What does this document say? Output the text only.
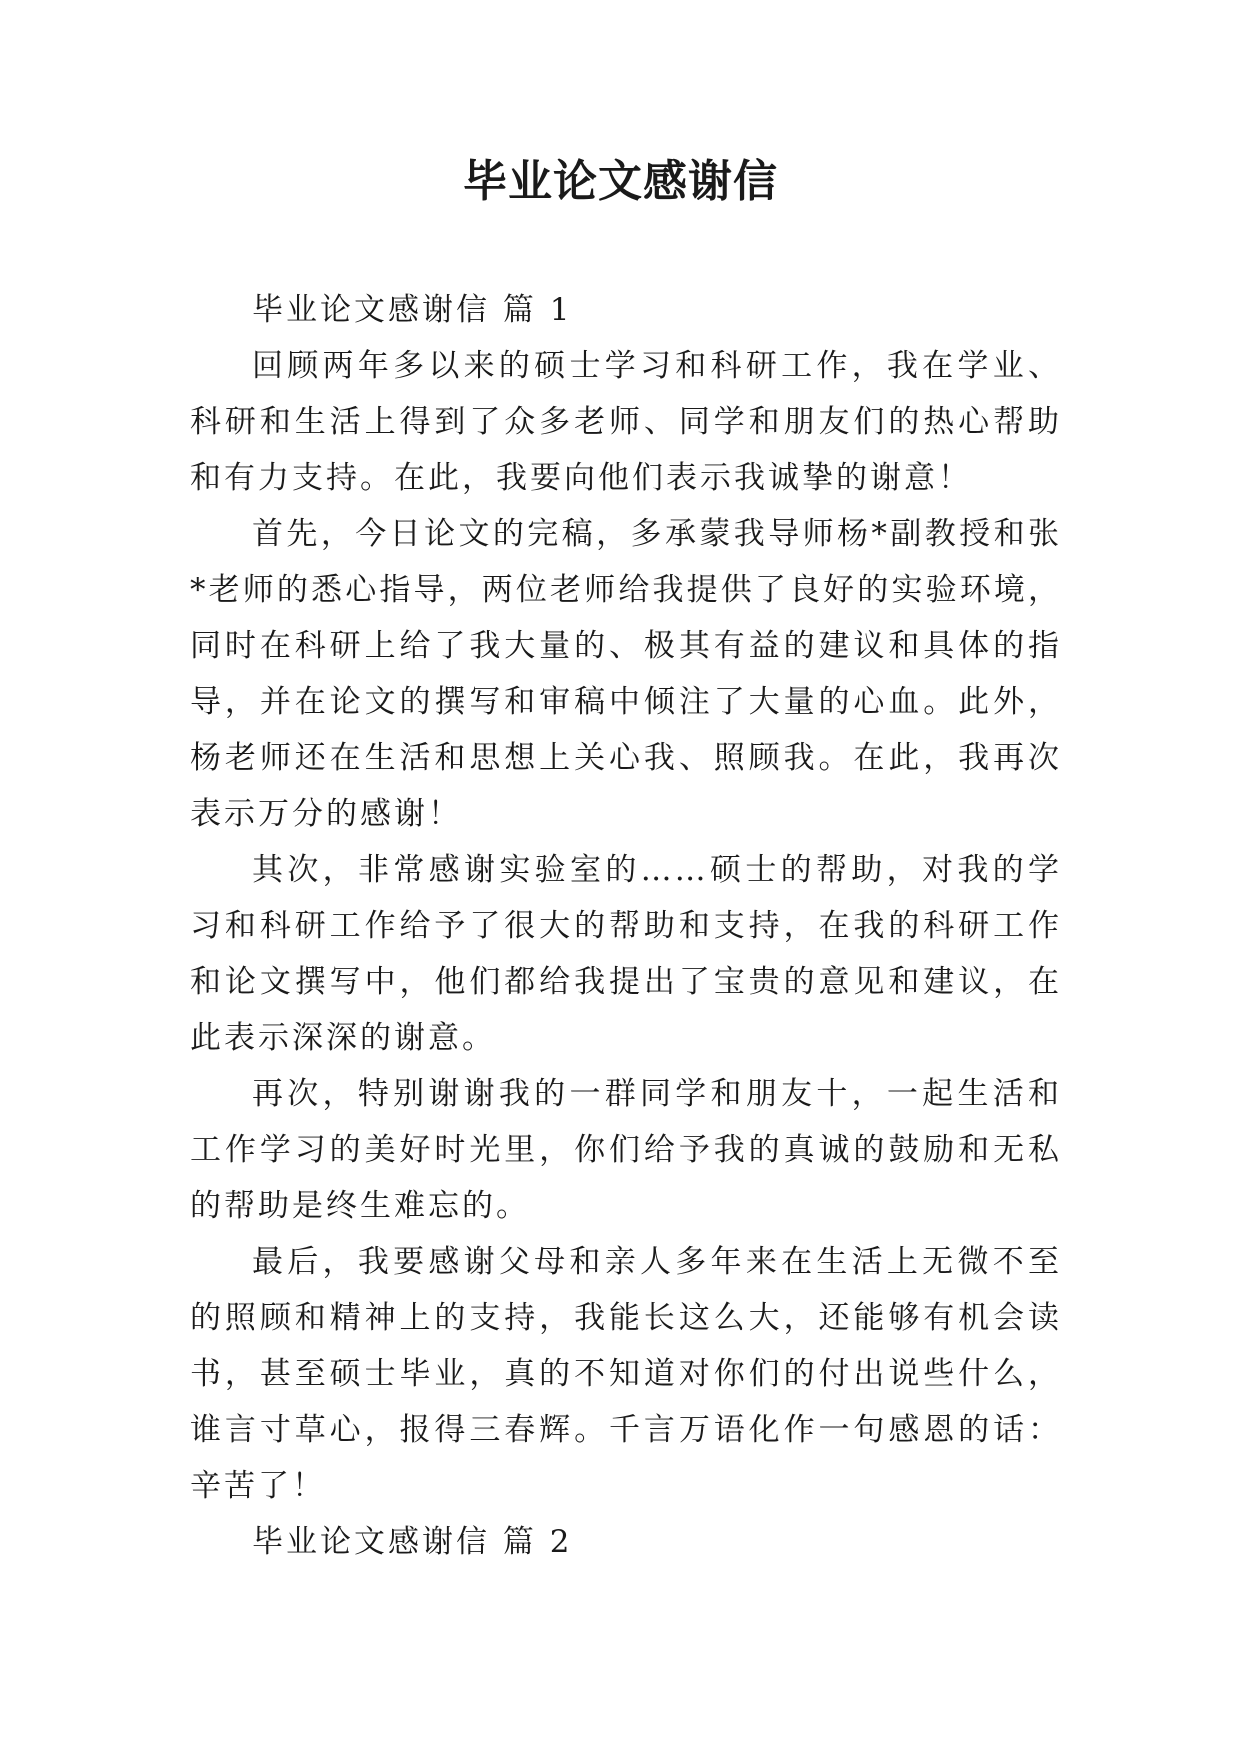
毕业论文感谢信

毕业论文感谢信 篇 1

回顾两年多以来的硕士学习和科研工作，我在学业、科研和生活上得到了众多老师、同学和朋友们的热心帮助和有力支持。在此，我要向他们表示我诚挚的谢意！

首先，今日论文的完稿，多承蒙我导师杨*副教授和张*老师的悉心指导，两位老师给我提供了良好的实验环境，同时在科研上给了我大量的、极其有益的建议和具体的指导，并在论文的撰写和审稿中倾注了大量的心血。此外，杨老师还在生活和思想上关心我、照顾我。在此，我再次表示万分的感谢！

其次，非常感谢实验室的……硕士的帮助，对我的学习和科研工作给予了很大的帮助和支持，在我的科研工作和论文撰写中，他们都给我提出了宝贵的意见和建议，在此表示深深的谢意。

再次，特别谢谢我的一群同学和朋友十，一起生活和工作学习的美好时光里，你们给予我的真诚的鼓励和无私的帮助是终生难忘的。

最后，我要感谢父母和亲人多年来在生活上无微不至的照顾和精神上的支持，我能长这么大，还能够有机会读书，甚至硕士毕业，真的不知道对你们的付出说些什么，谁言寸草心，报得三春辉。千言万语化作一句感恩的话：辛苦了！

毕业论文感谢信 篇 2
